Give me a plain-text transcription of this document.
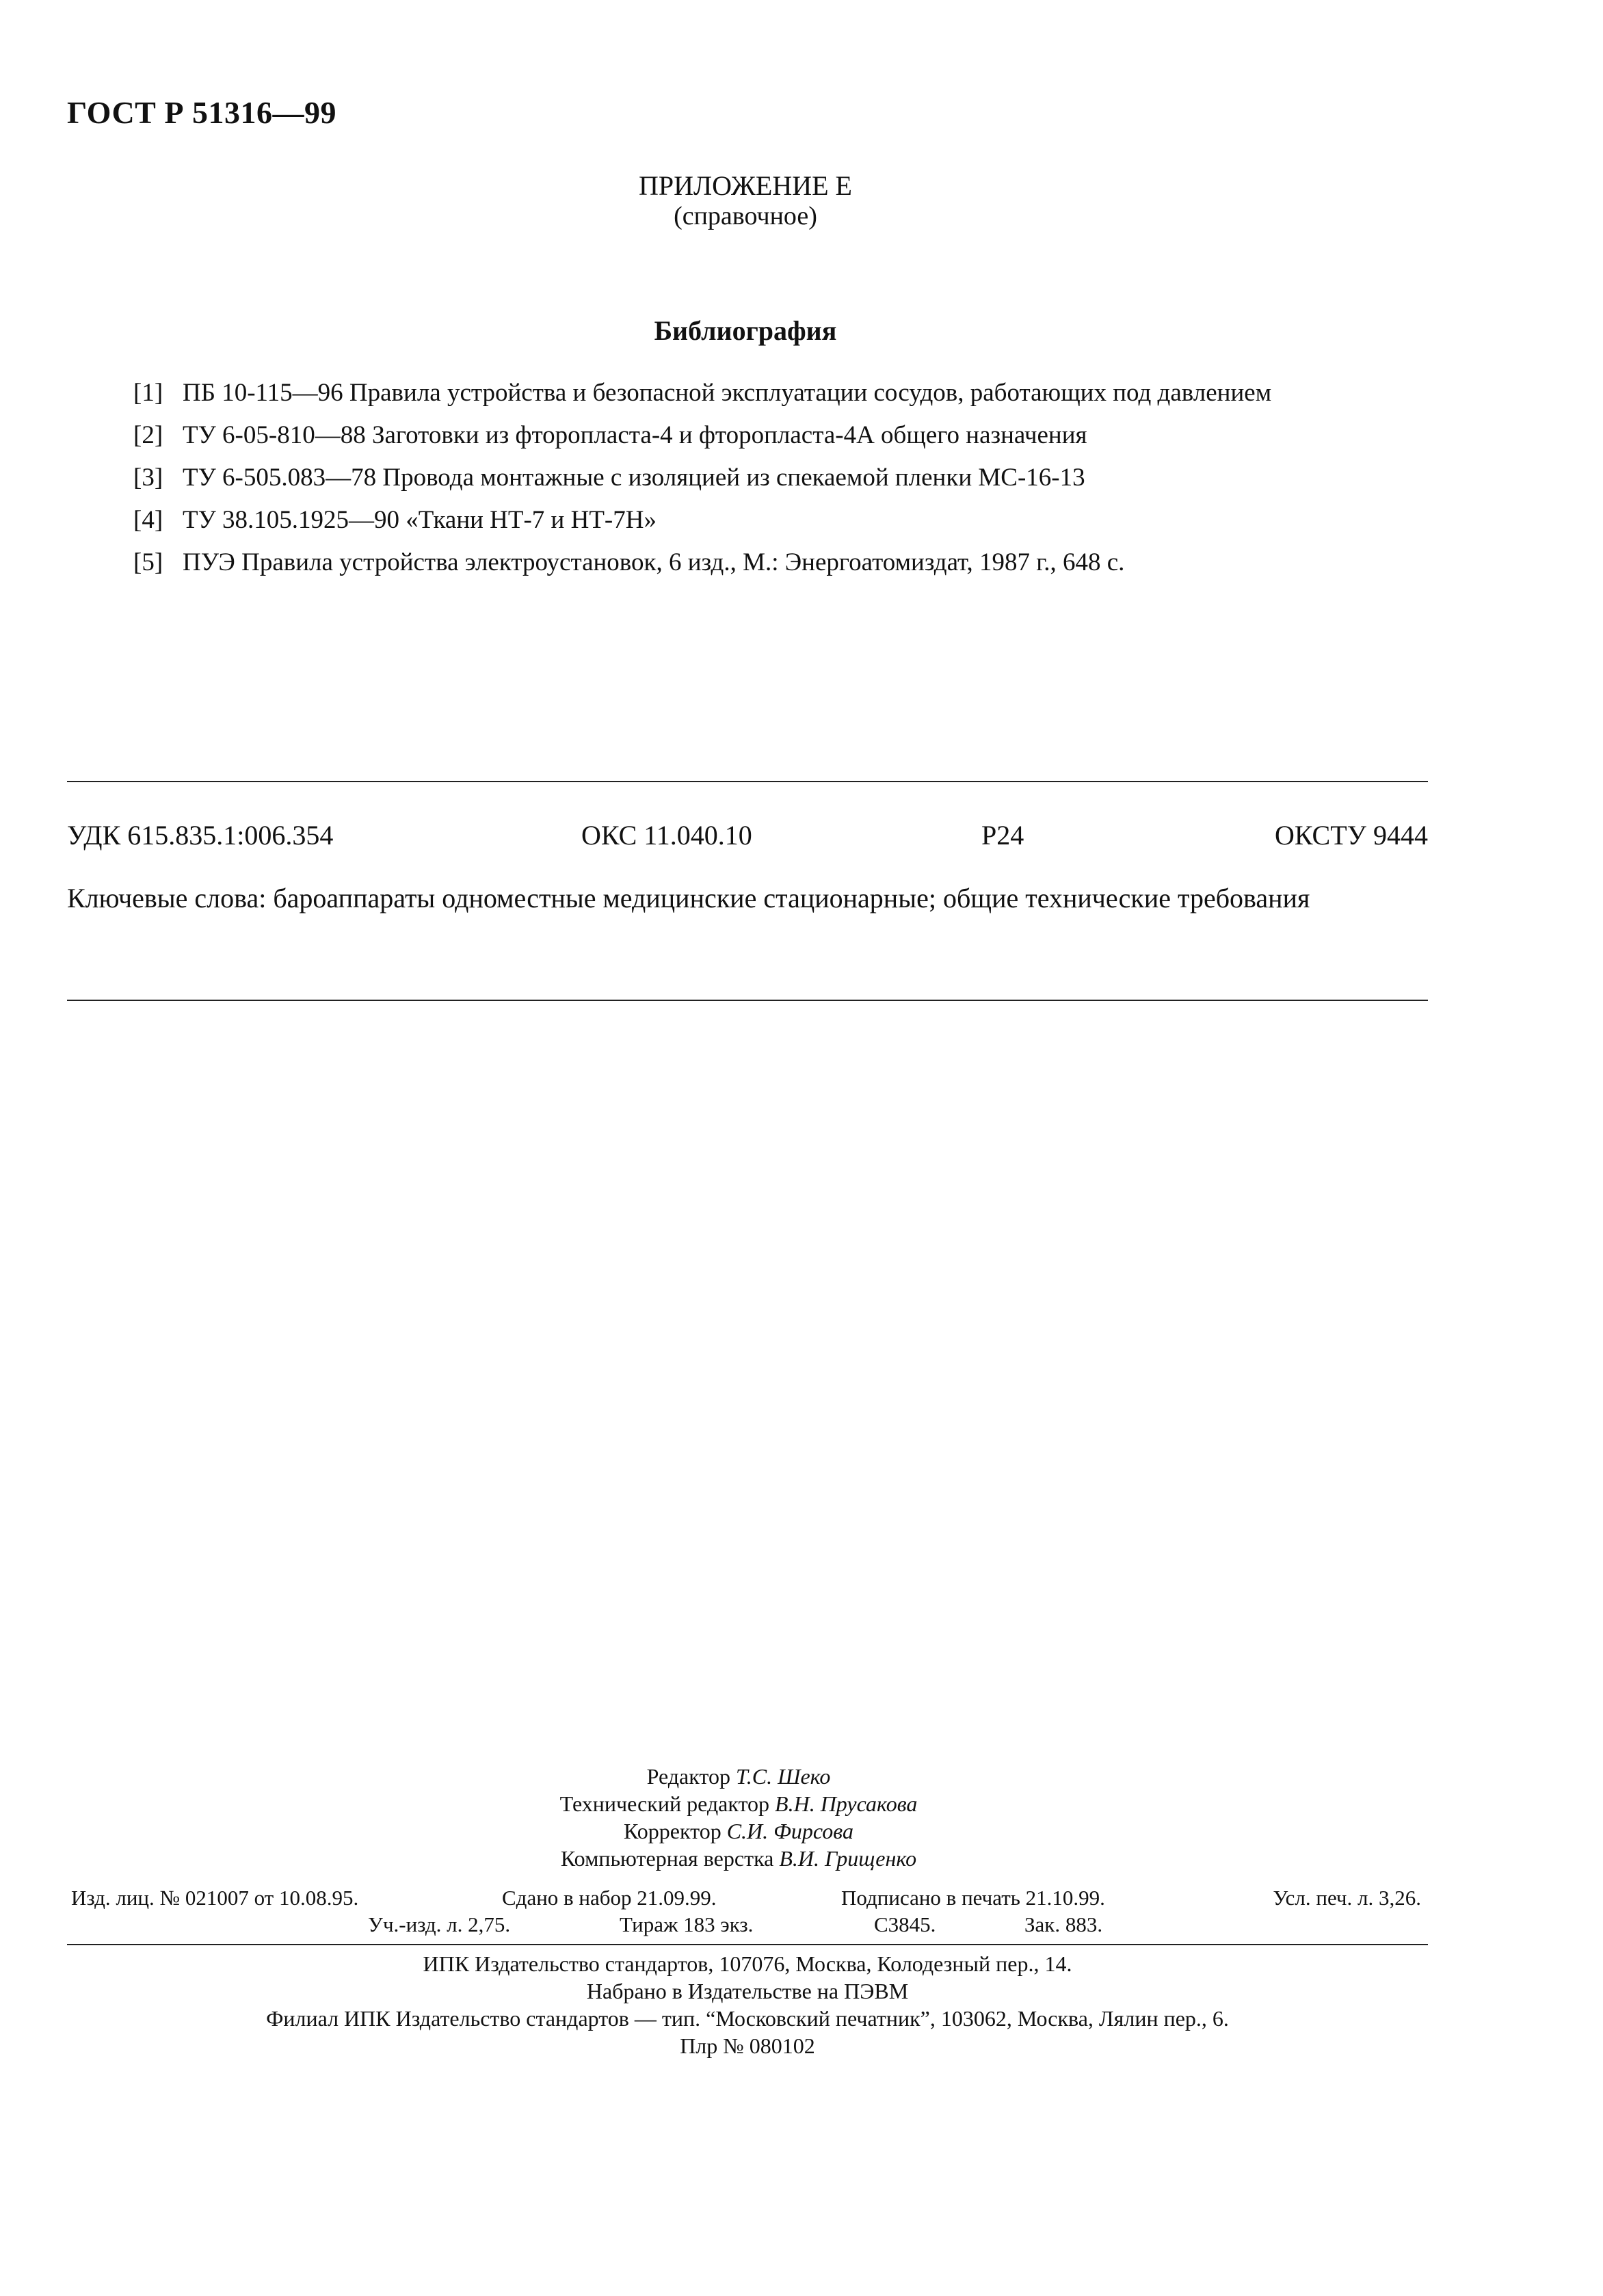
ГОСТ Р 51316—99
ПРИЛОЖЕНИЕ Е
(справочное)
Библиография
[1] ПБ 10-115—96 Правила устройства и безопасной эксплуатации сосудов, работающих под давлением
[2] ТУ 6-05-810—88 Заготовки из фторопласта-4 и фторопласта-4А общего назначения
[3] ТУ 6-505.083—78 Провода монтажные с изоляцией из спекаемой пленки МС-16-13
[4] ТУ 38.105.1925—90 «Ткани НТ-7 и НТ-7Н»
[5] ПУЭ Правила устройства электроустановок, 6 изд., М.: Энергоатомиздат, 1987 г., 648 с.
УДК 615.835.1:006.354	ОКС 11.040.10	Р24	ОКСТУ 9444
Ключевые слова: бароаппараты одноместные медицинские стационарные; общие технические требования
Редактор Т.С. Шеко
Технический редактор В.Н. Прусакова
Корректор С.И. Фирсова
Компьютерная верстка В.И. Грищенко
Изд. лиц. № 021007 от 10.08.95.	Сдано в набор 21.09.99.	Подписано в печать 21.10.99.	Усл. печ. л. 3,26.
Уч.-изд. л. 2,75.	Тираж 183 экз.	С3845.	Зак. 883.
ИПК Издательство стандартов, 107076, Москва, Колодезный пер., 14.
Набрано в Издательстве на ПЭВМ
Филиал ИПК Издательство стандартов — тип. “Московский печатник”, 103062, Москва, Лялин пер., 6.
Плр № 080102
